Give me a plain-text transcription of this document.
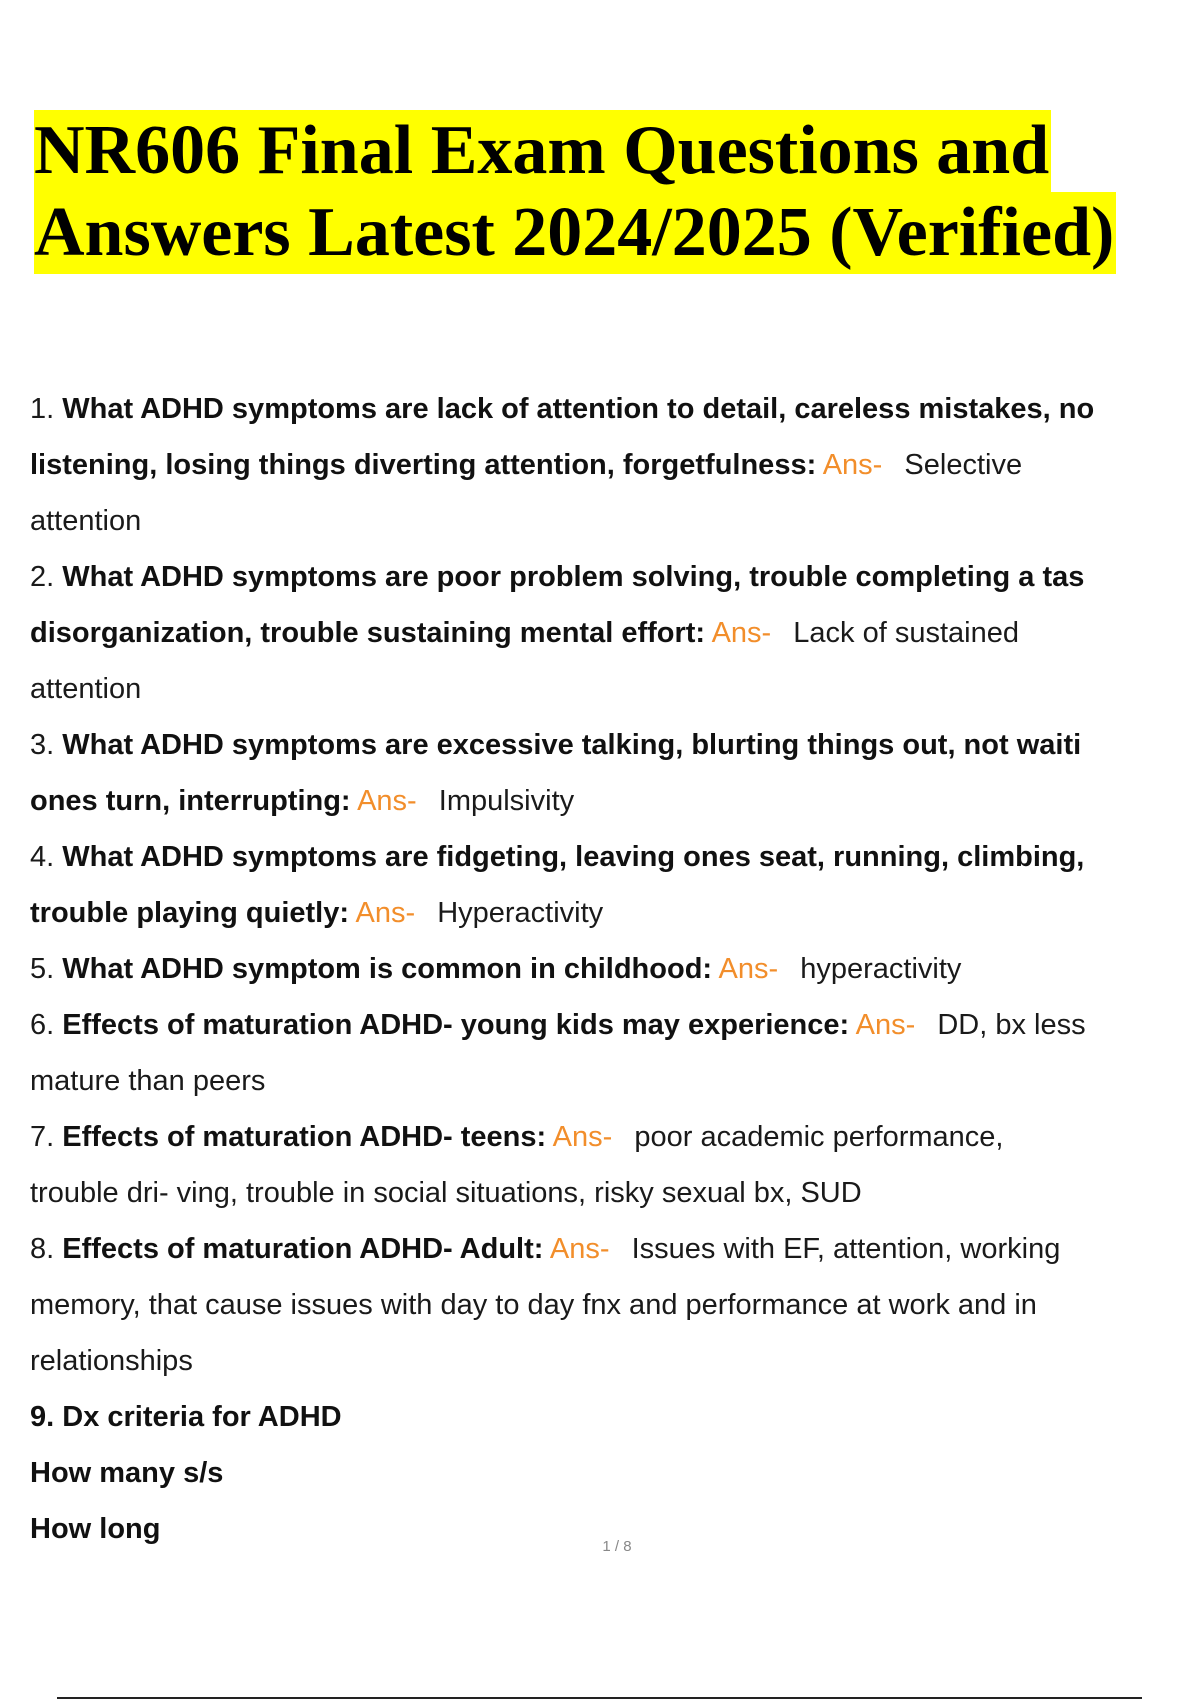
NR606 Final Exam Questions and
Answers Latest 2024/2025 (Verified)
1. What ADHD symptoms are lack of attention to detail, careless mistakes, no
listening, losing things diverting attention, forgetfulness: Ans- Selective
attention
2. What ADHD symptoms are poor problem solving, trouble completing a tas
disorganization, trouble sustaining mental effort: Ans- Lack of sustained
attention
3. What ADHD symptoms are excessive talking, blurting things out, not waiti
ones turn, interrupting: Ans- Impulsivity
4. What ADHD symptoms are fidgeting, leaving ones seat, running, climbing,
trouble playing quietly: Ans- Hyperactivity
5. What ADHD symptom is common in childhood: Ans- hyperactivity
6. Effects of maturation ADHD- young kids may experience: Ans- DD, bx less
mature than peers
7. Effects of maturation ADHD- teens: Ans- poor academic performance,
trouble dri- ving, trouble in social situations, risky sexual bx, SUD
8. Effects of maturation ADHD- Adult: Ans- Issues with EF, attention, working
memory, that cause issues with day to day fnx and performance at work and in
relationships
9. Dx criteria for ADHD
How many s/s
How long
1 / 8
